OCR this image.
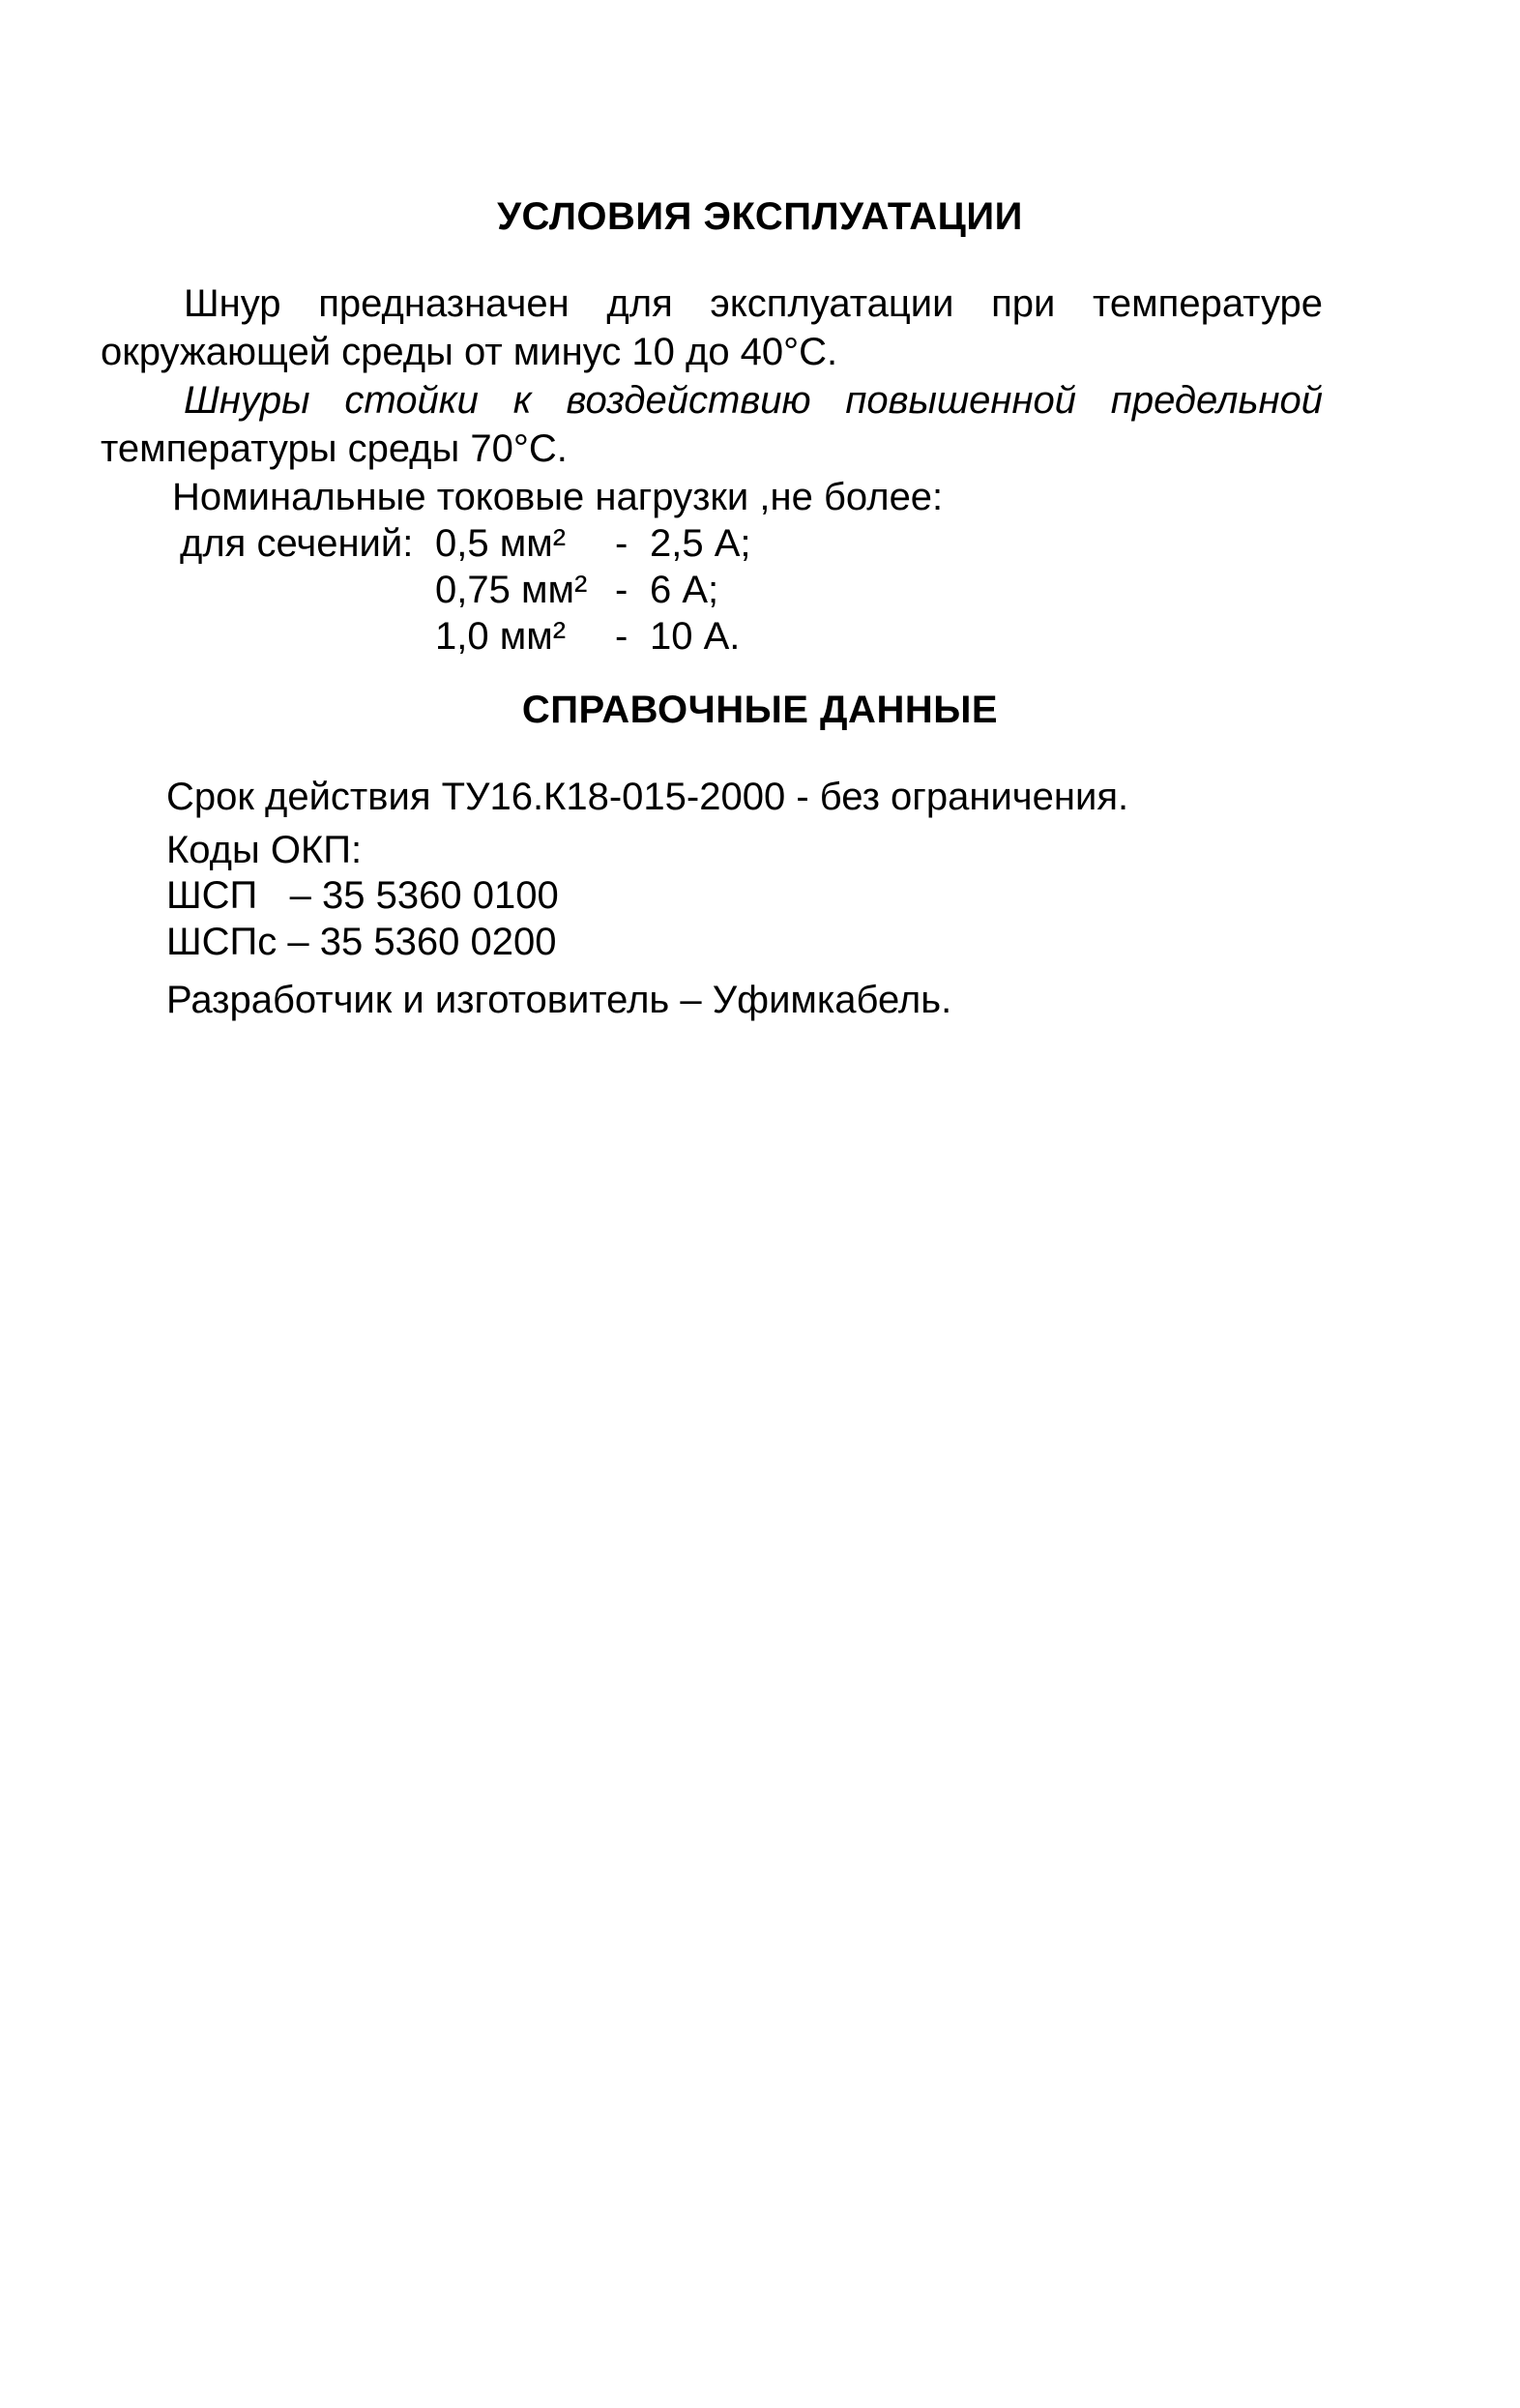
УСЛОВИЯ ЭКСПЛУАТАЦИИ
Шнур предназначен для эксплуатации при температуре
окружающей среды от минус 10 до 40°С.
Шнуры стойки к воздействию повышенной предельной
температуры среды 70°С.
Номинальные токовые нагрузки ,не более:
для сечений: 0,5 мм² - 2,5 А;
0,75 мм² - 6 А;
1,0 мм² - 10 А.
СПРАВОЧНЫЕ ДАННЫЕ
Срок действия ТУ16.К18-015-2000 - без ограничения.
Коды ОКП:
ШСП   – 35 5360 0100
ШСПс – 35 5360 0200
Разработчик и изготовитель – Уфимкабель.
